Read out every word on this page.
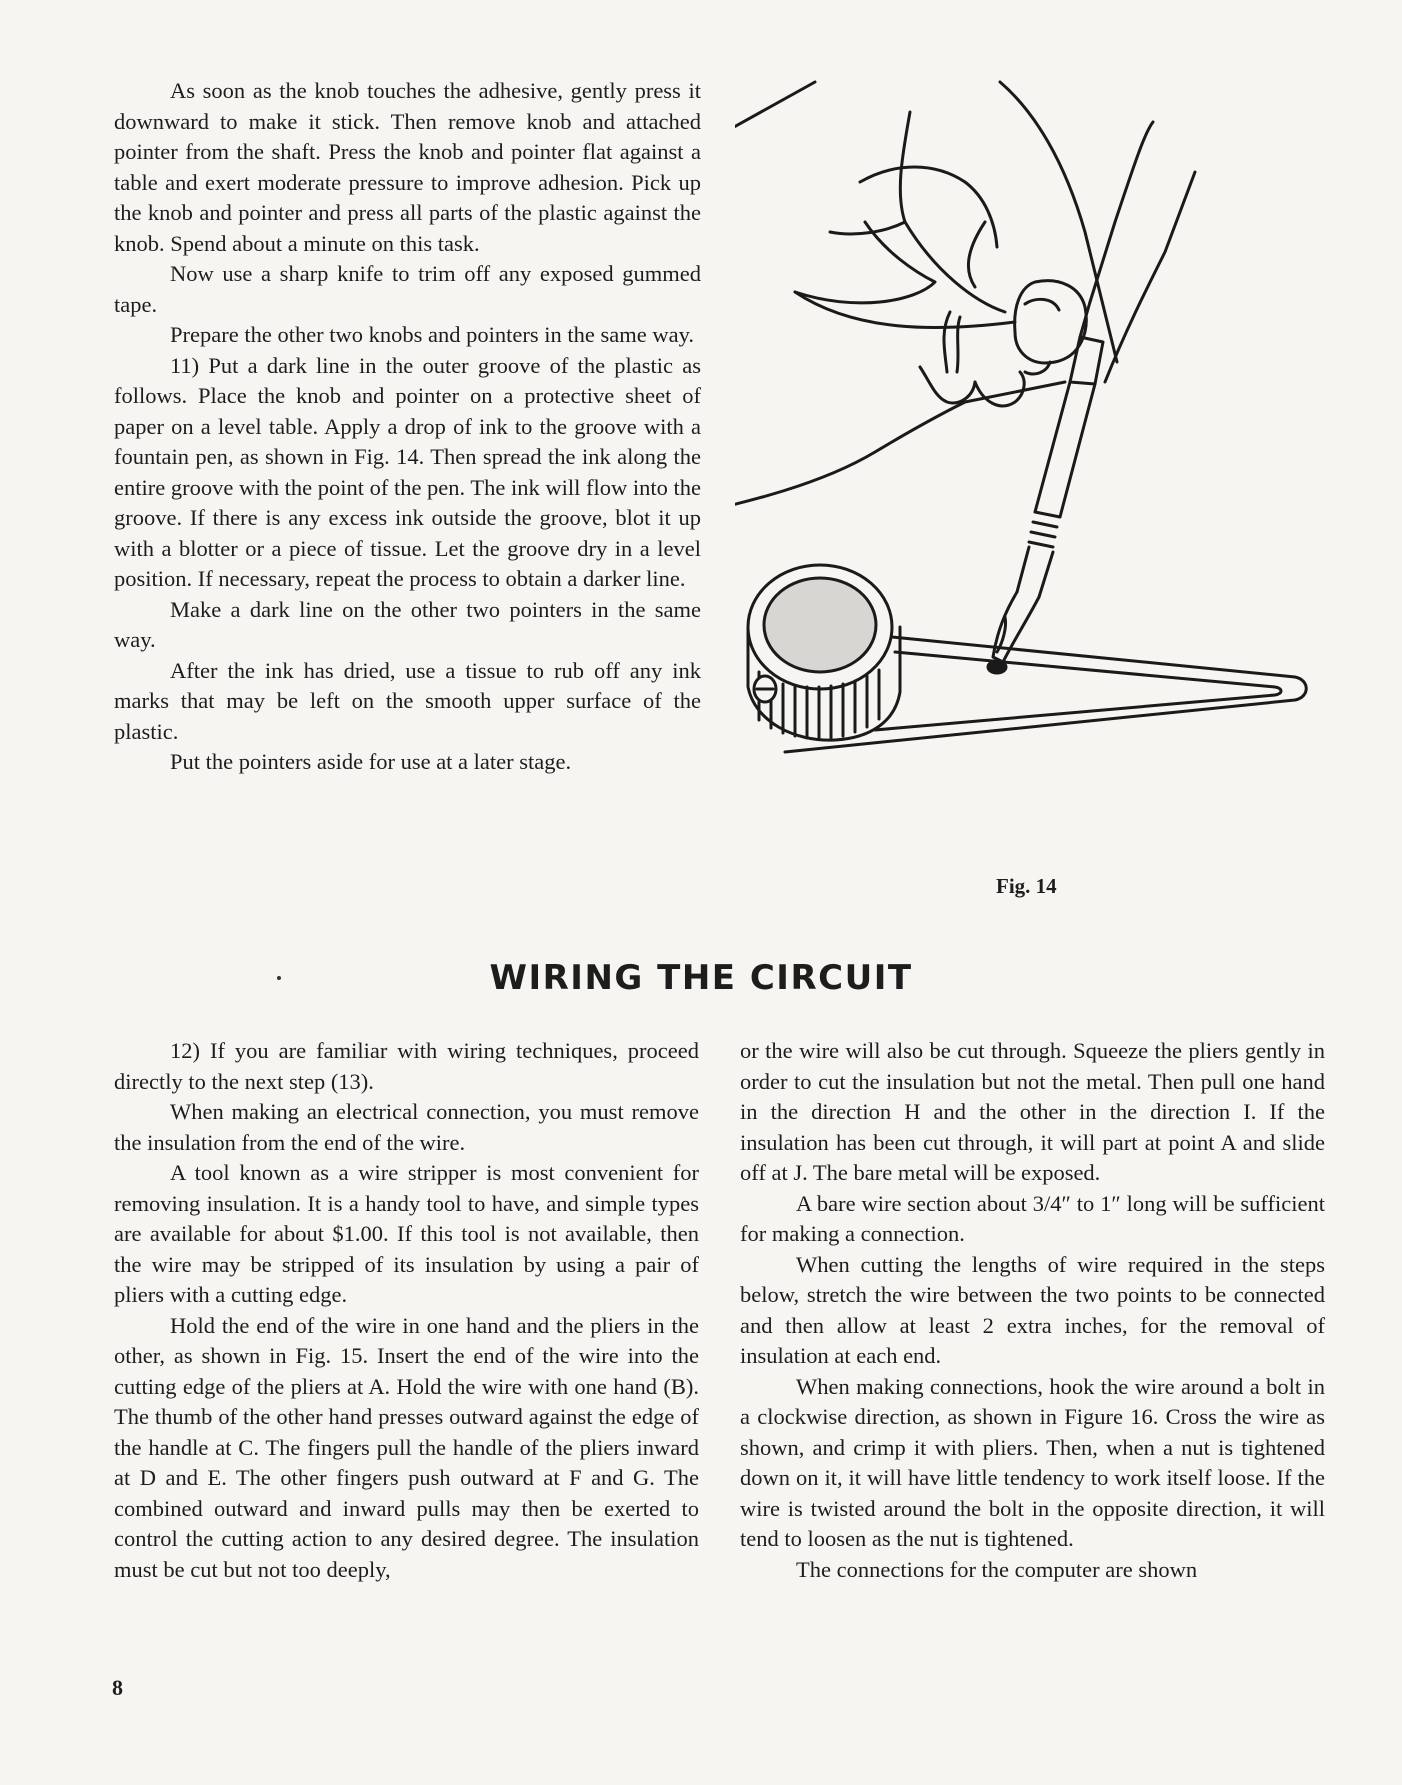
As soon as the knob touches the adhesive, gently press it downward to make it stick. Then remove knob and attached pointer from the shaft. Press the knob and pointer flat against a table and exert moderate pressure to improve adhesion. Pick up the knob and pointer and press all parts of the plastic against the knob. Spend about a minute on this task.

Now use a sharp knife to trim off any exposed gummed tape.

Prepare the other two knobs and pointers in the same way.

11) Put a dark line in the outer groove of the plastic as follows. Place the knob and pointer on a protective sheet of paper on a level table. Apply a drop of ink to the groove with a fountain pen, as shown in Fig. 14. Then spread the ink along the entire groove with the point of the pen. The ink will flow into the groove. If there is any excess ink outside the groove, blot it up with a blotter or a piece of tissue. Let the groove dry in a level position. If necessary, repeat the process to obtain a darker line.

Make a dark line on the other two pointers in the same way.

After the ink has dried, use a tissue to rub off any ink marks that may be left on the smooth upper surface of the plastic.

Put the pointers aside for use at a later stage.

Fig. 14
WIRING THE CIRCUIT

12) If you are familiar with wiring techniques, proceed directly to the next step (13).

When making an electrical connection, you must remove the insulation from the end of the wire.

A tool known as a wire stripper is most convenient for removing insulation. It is a handy tool to have, and simple types are available for about $1.00. If this tool is not available, then the wire may be stripped of its insulation by using a pair of pliers with a cutting edge.

Hold the end of the wire in one hand and the pliers in the other, as shown in Fig. 15. Insert the end of the wire into the cutting edge of the pliers at A. Hold the wire with one hand (B). The thumb of the other hand presses outward against the edge of the handle at C. The fingers pull the handle of the pliers inward at D and E. The other fingers push outward at F and G. The combined outward and inward pulls may then be exerted to control the cutting action to any desired degree. The insulation must be cut but not too deeply,

or the wire will also be cut through. Squeeze the pliers gently in order to cut the insulation but not the metal. Then pull one hand in the direction H and the other in the direction I. If the insulation has been cut through, it will part at point A and slide off at J. The bare metal will be exposed.

A bare wire section about 3/4″ to 1″ long will be sufficient for making a connection.

When cutting the lengths of wire required in the steps below, stretch the wire between the two points to be connected and then allow at least 2 extra inches, for the removal of insulation at each end.

When making connections, hook the wire around a bolt in a clockwise direction, as shown in Figure 16. Cross the wire as shown, and crimp it with pliers. Then, when a nut is tightened down on it, it will have little tendency to work itself loose. If the wire is twisted around the bolt in the opposite direction, it will tend to loosen as the nut is tightened.

The connections for the computer are shown

8
